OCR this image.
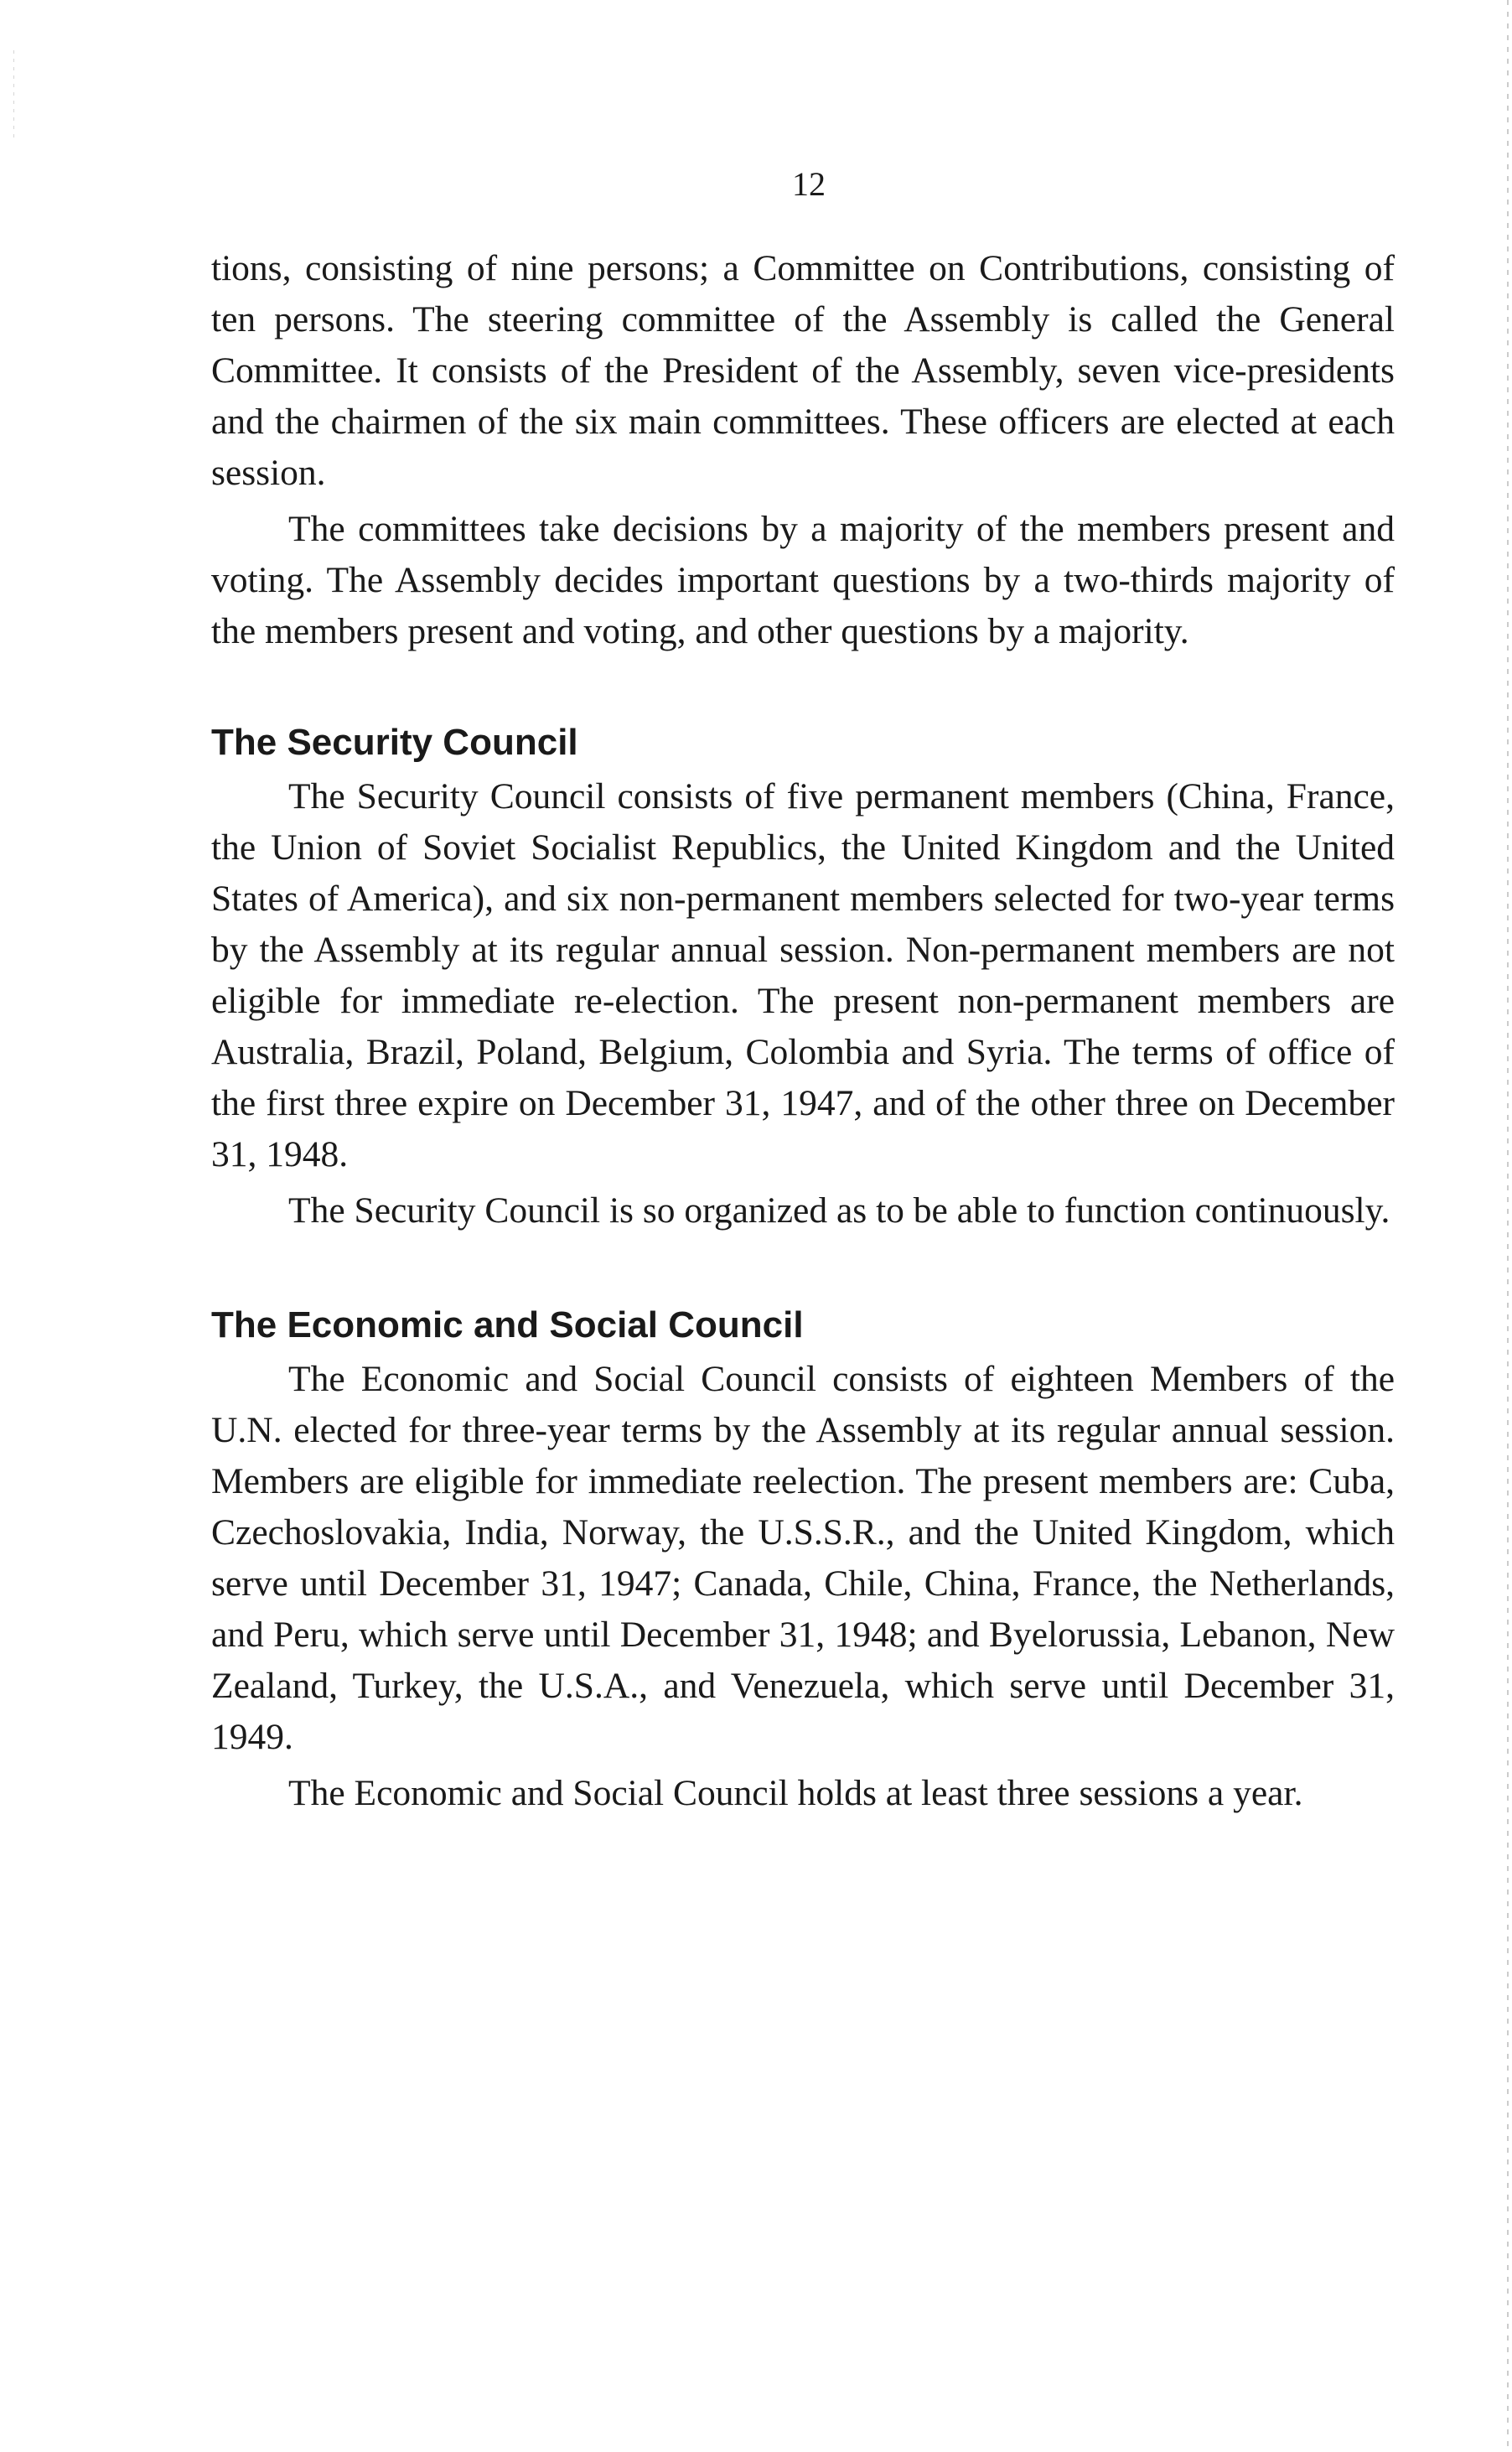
12

tions, consisting of nine persons; a Committee on Contributions, consisting of ten persons. The steering committee of the Assembly is called the General Committee. It consists of the President of the Assembly, seven vice-presidents and the chairmen of the six main committees. These officers are elected at each session.

The committees take decisions by a majority of the members present and voting. The Assembly decides important questions by a two-thirds majority of the members present and voting, and other questions by a majority.

The Security Council

The Security Council consists of five permanent members (China, France, the Union of Soviet Socialist Republics, the United Kingdom and the United States of America), and six non-permanent members selected for two-year terms by the Assembly at its regular annual session. Non-permanent members are not eligible for immediate re-election. The present non-permanent members are Australia, Brazil, Poland, Belgium, Colombia and Syria. The terms of office of the first three expire on December 31, 1947, and of the other three on December 31, 1948.

The Security Council is so organized as to be able to function continuously.

The Economic and Social Council

The Economic and Social Council consists of eighteen Members of the U.N. elected for three-year terms by the Assembly at its regular annual session. Members are eligible for immediate reelection. The present members are: Cuba, Czechoslovakia, India, Norway, the U.S.S.R., and the United Kingdom, which serve until December 31, 1947; Canada, Chile, China, France, the Netherlands, and Peru, which serve until December 31, 1948; and Byelorussia, Lebanon, New Zealand, Turkey, the U.S.A., and Venezuela, which serve until December 31, 1949.

The Economic and Social Council holds at least three sessions a year.
